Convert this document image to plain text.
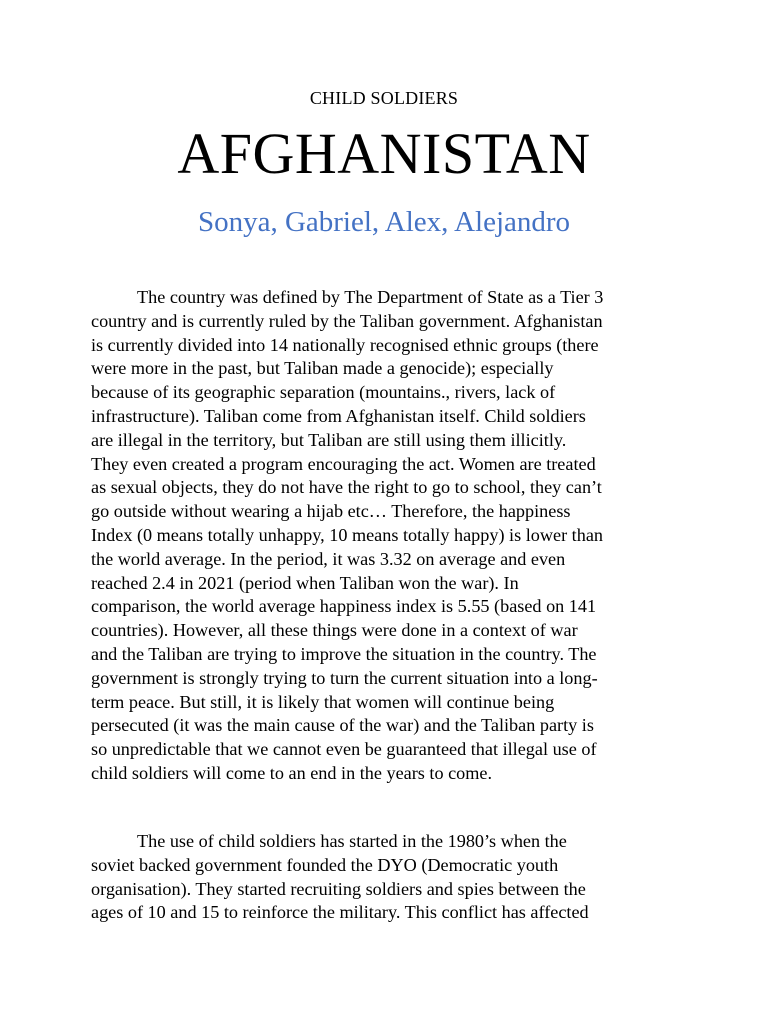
CHILD SOLDIERS
AFGHANISTAN
Sonya, Gabriel, Alex, Alejandro
The country was defined by The Department of State as a Tier 3
country and is currently ruled by the Taliban government. Afghanistan
is currently divided into 14 nationally recognised ethnic groups (there
were more in the past, but Taliban made a genocide); especially
because of its geographic separation (mountains., rivers, lack of
infrastructure). Taliban come from Afghanistan itself. Child soldiers
are illegal in the territory, but Taliban are still using them illicitly.
They even created a program encouraging the act. Women are treated
as sexual objects, they do not have the right to go to school, they can’t
go outside without wearing a hijab etc… Therefore, the happiness
Index (0 means totally unhappy, 10 means totally happy) is lower than
the world average. In the period, it was 3.32 on average and even
reached 2.4 in 2021 (period when Taliban won the war). In
comparison, the world average happiness index is 5.55 (based on 141
countries). However, all these things were done in a context of war
and the Taliban are trying to improve the situation in the country. The
government is strongly trying to turn the current situation into a long-
term peace. But still, it is likely that women will continue being
persecuted (it was the main cause of the war) and the Taliban party is
so unpredictable that we cannot even be guaranteed that illegal use of
child soldiers will come to an end in the years to come.
The use of child soldiers has started in the 1980’s when the
soviet backed government founded the DYO (Democratic youth
organisation). They started recruiting soldiers and spies between the
ages of 10 and 15 to reinforce the military. This conflict has affected
